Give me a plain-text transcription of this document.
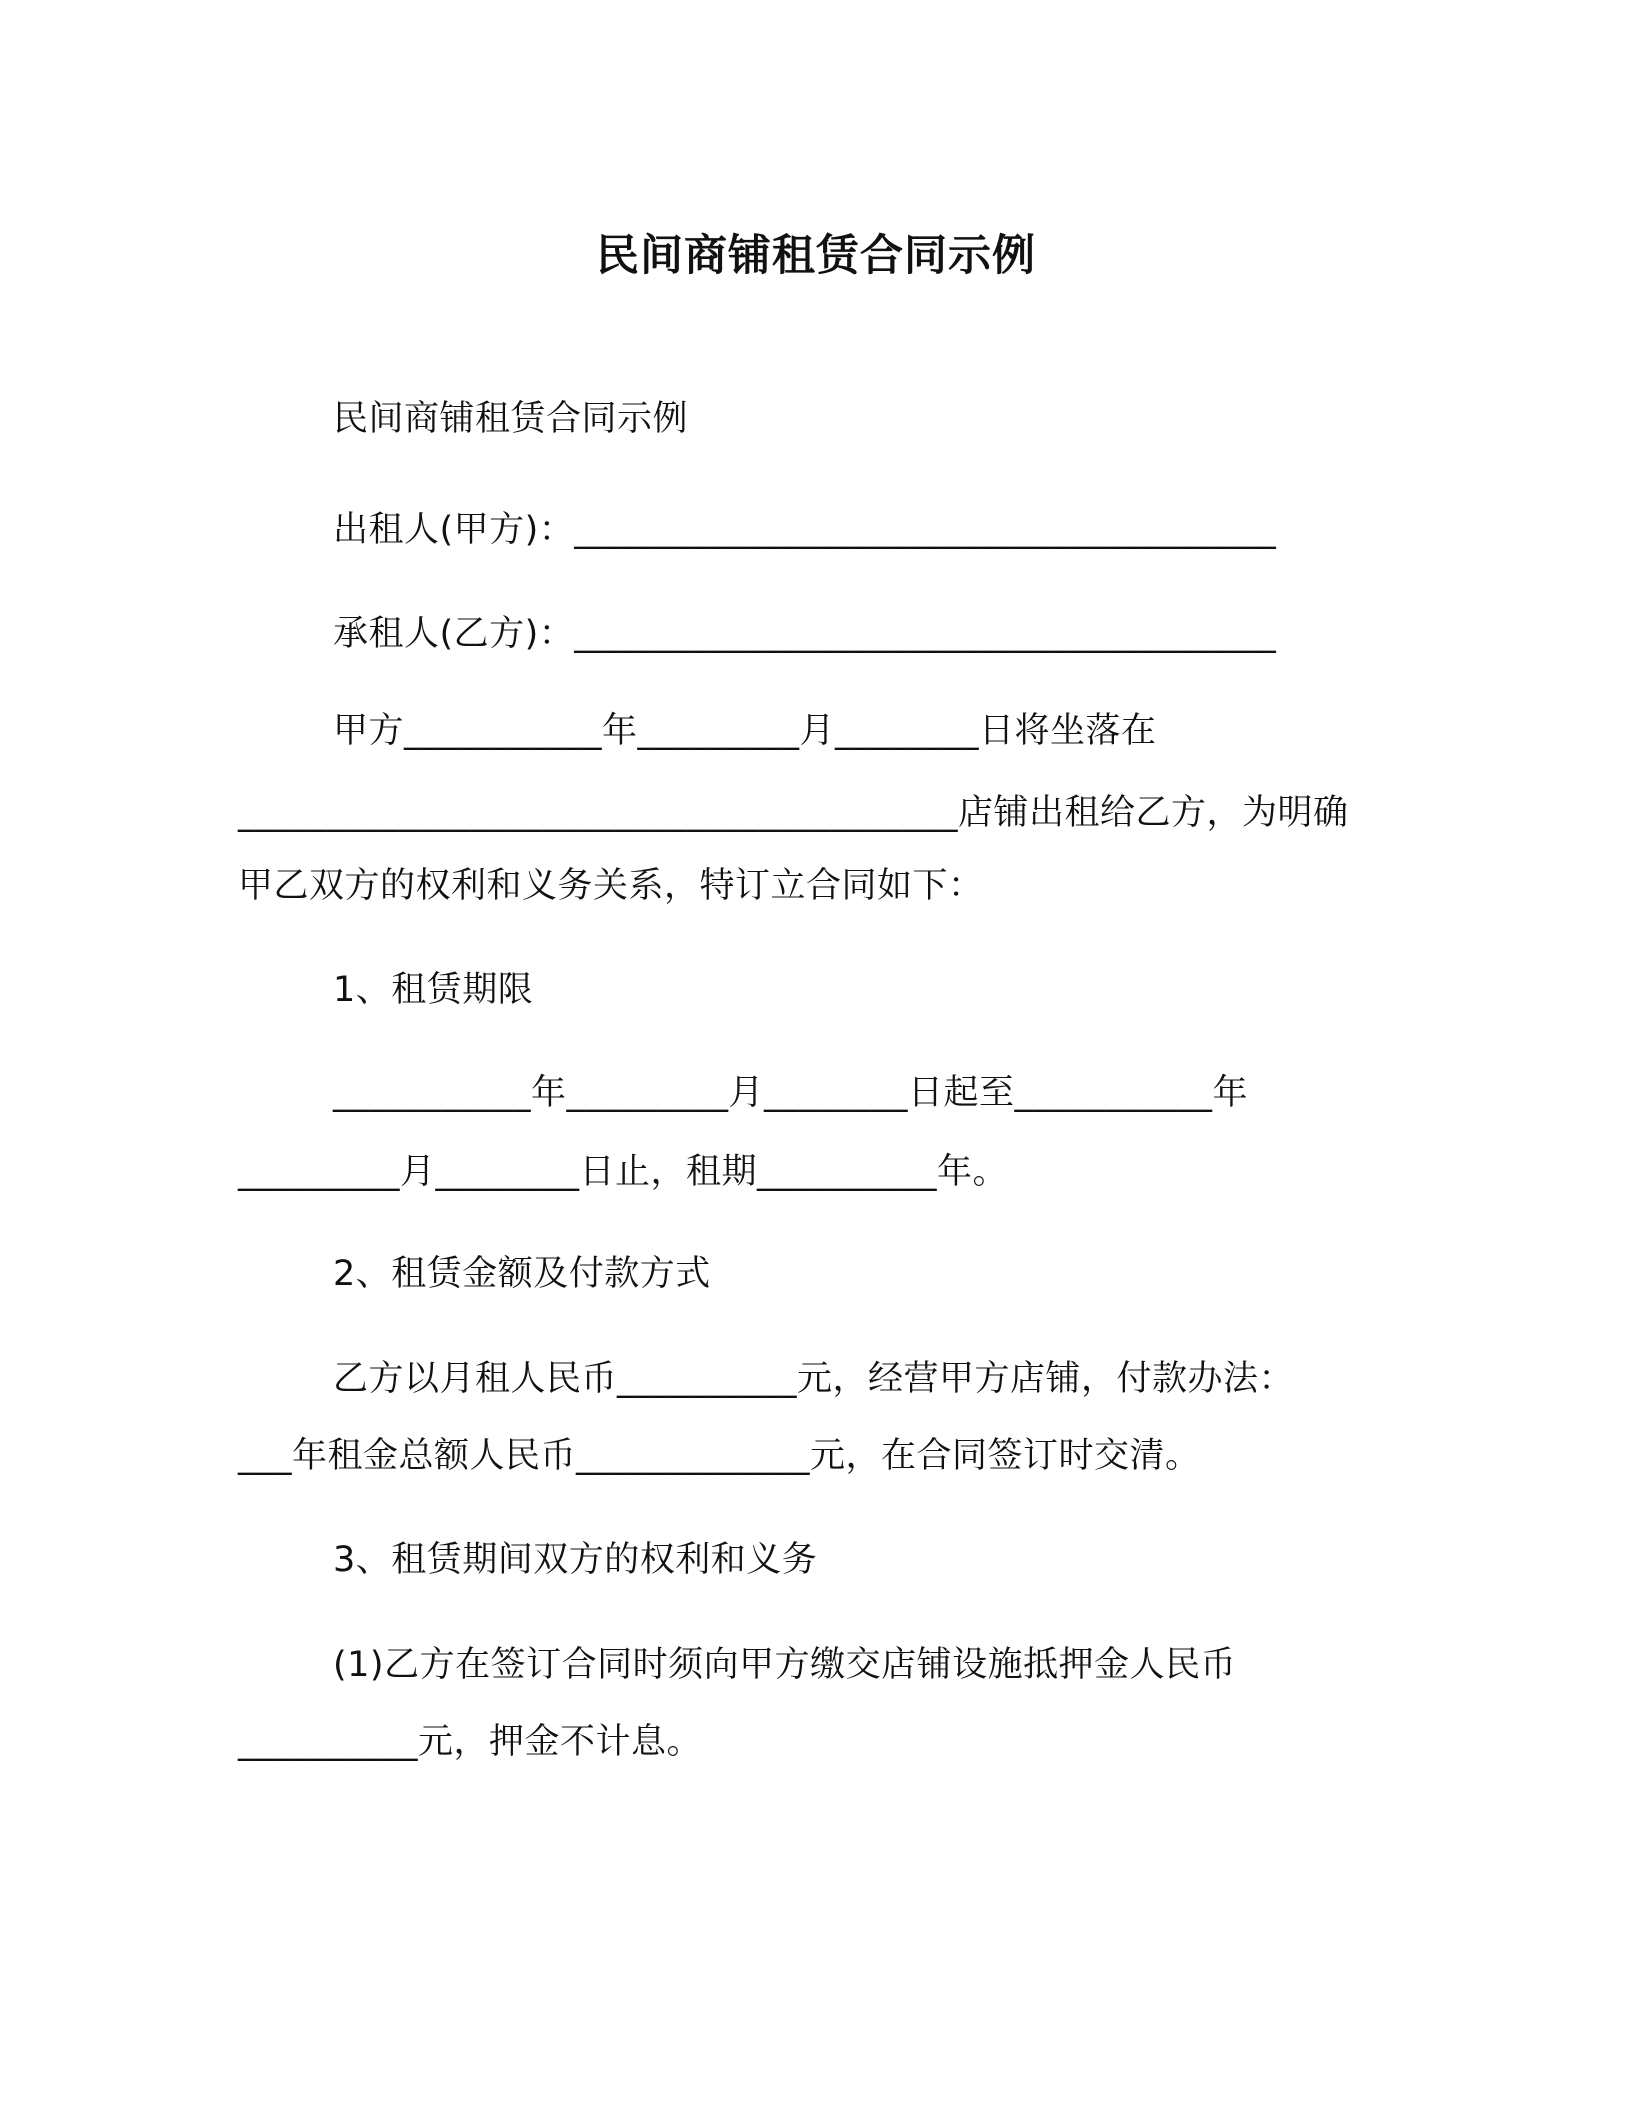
民间商铺租赁合同示例
民间商铺租赁合同示例
出租人(甲方)：_______________________________________
承租人(乙方)：_______________________________________
甲方___________年_________月________日将坐落在
________________________________________店铺出租给乙方，为明确
甲乙双方的权利和义务关系，特订立合同如下：
1、租赁期限
___________年_________月________日起至___________年
_________月________日止，租期__________年。
2、租赁金额及付款方式
乙方以月租人民币__________元，经营甲方店铺，付款办法：
___年租金总额人民币_____________元，在合同签订时交清。
3、租赁期间双方的权利和义务
(1)乙方在签订合同时须向甲方缴交店铺设施抵押金人民币
__________元，押金不计息。
